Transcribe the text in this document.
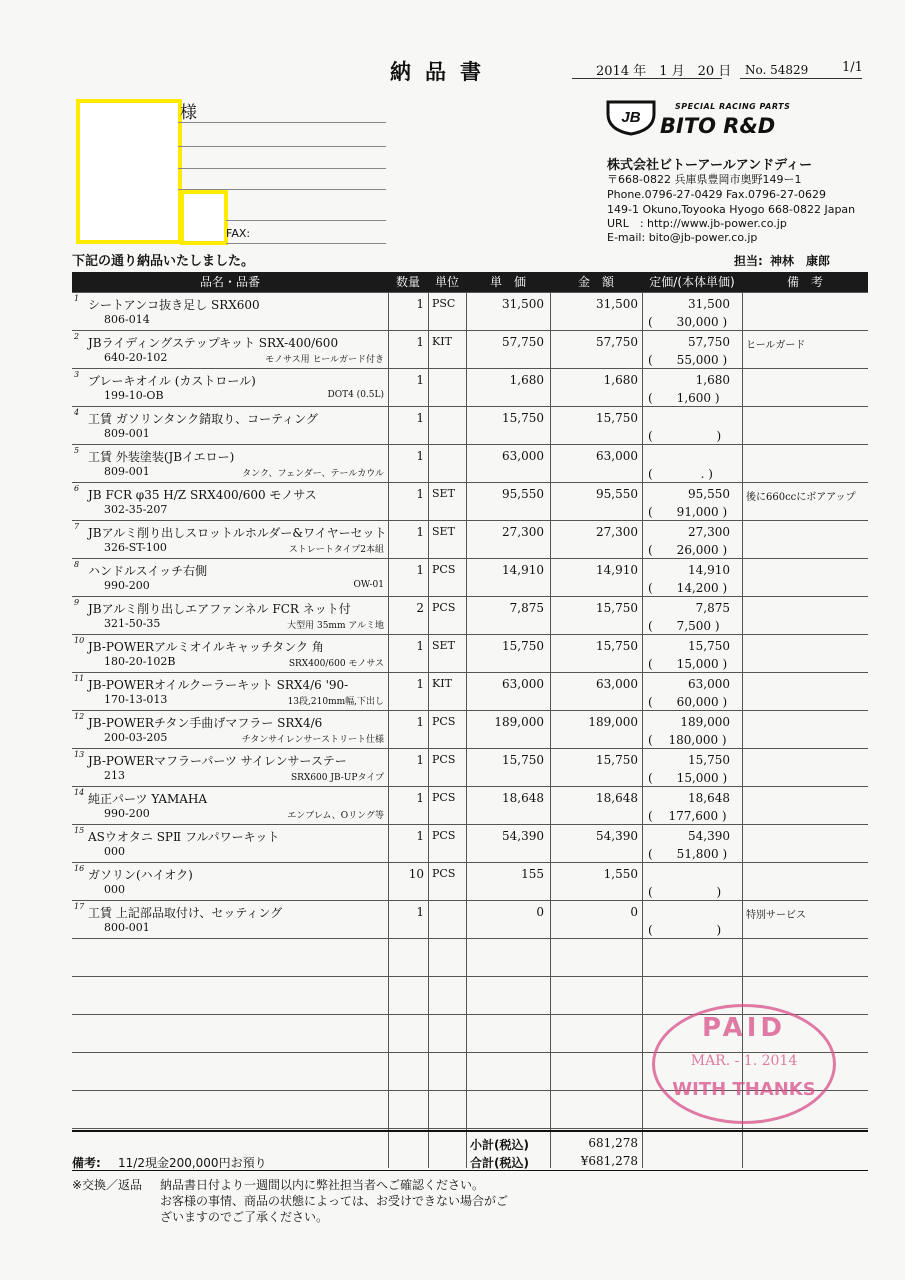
納品書	2014 年　1 月　20 日 No. 54829	1/1
様
FAX:
下記の通り納品いたしました。
JB
SPECIAL RACING PARTS
BITO R&D
株式会社ビトーアールアンドディー
〒668-0822 兵庫県豊岡市奥野149ー1
Phone.0796-27-0429 Fax.0796-27-0629
149-1 Okuno,Toyooka Hyogo 668-0822 Japan
URL　: http://www.jb-power.co.jp
E-mail: bito@jb-power.co.jp
担当: 神林　康郎
品名・品番	数量	単位	単　価	金　額	定価/(本体単価)	備　考
1 シートアンコ抜き足し SRX600
806-014
1 PSC	31,500	31,500	31,500
(　　30,000 )
2 JBライディングステップキット SRX-400/600
640-20-102	モノサス用 ヒールガード付き
1 KIT	57,750	57,750	57,750
(　　55,000 )
ヒールガード
3 ブレーキオイル (カストロール)
199-10-OB	DOT4 (0.5L)
1	1,680	1,680	1,680
(　　1,600 )
4 工賃 ガソリンタンク錆取り、コーティング
809-001
1	15,750	15,750
(　　　　　 )
5 工賃 外装塗装(JBイエロー)
809-001	タンク、フェンダー、テールカウル
1	63,000	63,000
(　　　　. )
6 JB FCR φ35 H/Z SRX400/600 モノサス
302-35-207
1 SET	95,550	95,550	95,550
(　　91,000 )
後に660ccにボアアップ
7 JBアルミ削り出しスロットルホルダー&ワイヤーセット
326-ST-100	ストレートタイプ2本組
1 SET	27,300	27,300	27,300
(　　26,000 )
8 ハンドルスイッチ右側
990-200	OW-01
1 PCS	14,910	14,910	14,910
(　　14,200 )
9 JBアルミ削り出しエアファンネル FCR ネット付
321-50-35	大型用 35mm アルミ地
2 PCS	7,875	15,750	7,875
(　　7,500 )
10 JB-POWERアルミオイルキャッチタンク 角
180-20-102B	SRX400/600 モノサス
1 SET	15,750	15,750	15,750
(　　15,000 )
11 JB-POWERオイルクーラーキット SRX4/6 '90-
170-13-013	13段,210mm幅,下出し
1 KIT	63,000	63,000	63,000
(　　60,000 )
12 JB-POWERチタン手曲げマフラー SRX4/6
200-03-205	チタンサイレンサーストリート仕様
1 PCS	189,000	189,000	189,000
(　 180,000 )
13 JB-POWERマフラーパーツ サイレンサーステー
213	SRX600 JB-UPタイプ
1 PCS	15,750	15,750	15,750
(　　15,000 )
14 純正パーツ YAMAHA
990-200	エンブレム、Oリング等
1 PCS	18,648	18,648	18,648
(　 177,600 )
15 ASウオタニ SPⅡ フルパワーキット
000
1 PCS	54,390	54,390	54,390
(　　51,800 )
16 ガソリン(ハイオク)
000
10 PCS	155	1,550
(　　　　　 )
17 工賃 上記部品取付け、セッティング
800-001
1	0	0
(　　　　　 )
特別サービス
PAID
MAR. - 1. 2014
WITH THANKS
小計(税込)	681,278
合計(税込)	¥681,278
備考: 11/2現金200,000円お預り
※交換／返品 納品書日付より一週間以内に弊社担当者へご確認ください。
お客様の事情、商品の状態によっては、お受けできない場合がご
ざいますのでご了承ください。
